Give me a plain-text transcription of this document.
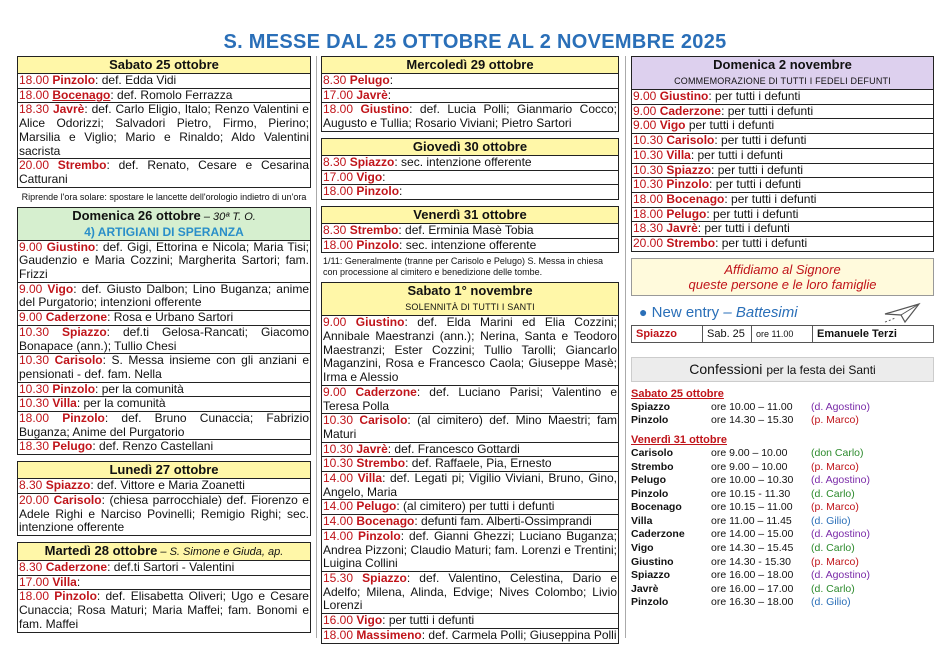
S. MESSE DAL 25 OTTOBRE AL 2 NOVEMBRE 2025
Sabato 25 ottobre
18.00 Pinzolo: def. Edda Vidi
18.00 Bocenago: def. Romolo Ferrazza
18.30 Javrè: def. Carlo Eligio, Italo; Renzo Valentini e Alice Odorizzi; Salvadori Pietro, Firmo, Pierino; Marsilia e Viglio; Mario e Rinaldo; Aldo Valentini sacrista
20.00 Strembo: def. Renato, Cesare e Cesarina Catturani
Riprende l'ora solare: spostare le lancette dell'orologio indietro di un'ora
Domenica 26 ottobre – 30ª T. O.
4) ARTIGIANI DI SPERANZA
9.00 Giustino: def. Gigi, Ettorina e Nicola; Maria Tisi; Gaudenzio e Maria Cozzini; Margherita Sartori; fam. Frizzi
9.00 Vigo: def. Giusto Dalbon; Lino Buganza; anime del Purgatorio; intenzioni offerente
9.00 Caderzone: Rosa e Urbano Sartori
10.30 Spiazzo: def.ti Gelosa-Rancati; Giacomo Bonapace (ann.); Tullio Chesi
10.30 Carisolo: S. Messa insieme con gli anziani e pensionati - def. fam. Nella
10.30 Pinzolo: per la comunità
10.30 Villa: per la comunità
18.00 Pinzolo: def. Bruno Cunaccia; Fabrizio Buganza; Anime del Purgatorio
18.30 Pelugo: def. Renzo Castellani
Lunedì 27 ottobre
8.30 Spiazzo: def. Vittore e Maria Zoanetti
20.00 Carisolo: (chiesa parrocchiale) def. Fiorenzo e Adele Righi e Narciso Povinelli; Remigio Righi; sec. intenzione offerente
Martedì 28 ottobre – S. Simone e Giuda, ap.
8.30 Caderzone: def.ti Sartori - Valentini
17.00 Villa:
18.00 Pinzolo: def. Elisabetta Oliveri; Ugo e Cesare Cunaccia; Rosa Maturi; Maria Maffei; fam. Bonomi e fam. Maffei
Mercoledì 29 ottobre
8.30 Pelugo:
17.00 Javrè:
18.00 Giustino: def. Lucia Polli; Gianmario Cocco; Augusto e Tullia; Rosario Viviani; Pietro Sartori
Giovedì 30 ottobre
8.30 Spiazzo: sec. intenzione offerente
17.00 Vigo:
18.00 Pinzolo:
Venerdì 31 ottobre
8.30 Strembo: def. Erminia Masè Tobia
18.00 Pinzolo: sec. intenzione offerente
1/11: Generalmente (tranne per Carisolo e Pelugo) S. Messa in chiesa con processione al cimitero e benedizione delle tombe.
Sabato 1° novembre
SOLENNITÀ DI TUTTI I SANTI
9.00 Giustino: def. Elda Marini ed Elia Cozzini; Annibale Maestranzi (ann.); Nerina, Santa e Teodoro Maestranzi; Ester Cozzini; Tullio Tarolli; Giancarlo Maganzini, Rosa e Francesco Caola; Giuseppe Masè; Irma e Alessio
9.00 Caderzone: def. Luciano Parisi; Valentino e Teresa Polla
10.30 Carisolo: (al cimitero) def. Mino Maestri; fam Maturi
10.30 Javrè: def. Francesco Gottardi
10.30 Strembo: def. Raffaele, Pia, Ernesto
14.00 Villa: def. Legati pi; Vigilio Viviani, Bruno, Gino, Angelo, Maria
14.00 Pelugo: (al cimitero) per tutti i defunti
14.00 Bocenago: defunti fam. Alberti-Ossimprandi
14.00 Pinzolo: def. Gianni Ghezzi; Luciano Buganza; Andrea Pizzoni; Claudio Maturi; fam. Lorenzi e Trentini; Luigina Collini
15.30 Spiazzo: def. Valentino, Celestina, Dario e Adelfo; Milena, Alinda, Edvige; Nives Colombo; Livio Lorenzi
16.00 Vigo: per tutti i defunti
18.00 Massimeno: def. Carmela Polli; Giuseppina Polli
Domenica 2 novembre
COMMEMORAZIONE DI TUTTI I FEDELI DEFUNTI
9.00 Giustino: per tutti i defunti
9.00 Caderzone: per tutti i defunti
9.00 Vigo per tutti i defunti
10.30 Carisolo: per tutti i defunti
10.30 Villa: per tutti i defunti
10.30 Spiazzo: per tutti i defunti
10.30 Pinzolo: per tutti i defunti
18.00 Bocenago: per tutti i defunti
18.00 Pelugo: per tutti i defunti
18.30 Javrè: per tutti i defunti
20.00 Strembo: per tutti i defunti
Affidiamo al Signore
queste persone e le loro famiglie
● New entry – Battesimi
Spiazzo	Sab. 25	ore 11.00	Emanuele Terzi
Confessioni per la festa dei Santi
Sabato 25 ottobre
Spiazzo	ore 10.00 – 11.00	(d. Agostino)
Pinzolo	ore 14.30 – 15.30	(p. Marco)
Venerdì 31 ottobre
Carisolo	ore 9.00 – 10.00	(don Carlo)
Strembo	ore 9.00 – 10.00	(p. Marco)
Pelugo	ore 10.00 – 10.30	(d. Agostino)
Pinzolo	ore 10.15 - 11.30	(d. Carlo)
Bocenago	ore 10.15 – 11.00	(p. Marco)
Villa	ore 11.00 – 11.45	(d. Gilio)
Caderzone	ore 14.00 – 15.00	(d. Agostino)
Vigo	ore 14.30 – 15.45	(d. Carlo)
Giustino	ore 14.30 - 15.30	(p. Marco)
Spiazzo	ore 16.00 – 18.00	(d. Agostino)
Javrè	ore 16.00 – 17.00	(d. Carlo)
Pinzolo	ore 16.30 – 18.00	(d. Gilio)
